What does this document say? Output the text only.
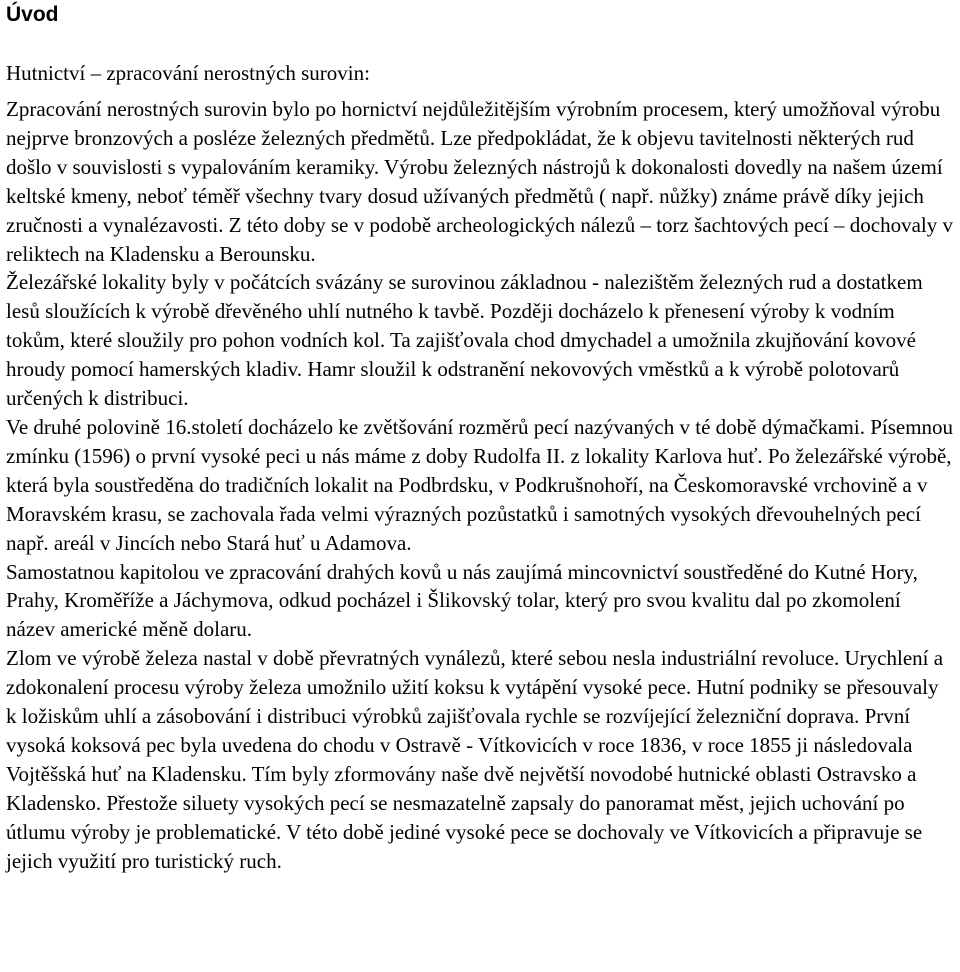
Úvod

Hutnictví – zpracování nerostných surovin:

Zpracování nerostných surovin bylo po hornictví nejdůležitějším výrobním procesem, který umožňoval výrobu nejprve bronzových a posléze železných předmětů. Lze předpokládat, že k objevu tavitelnosti některých rud došlo v souvislosti s vypalováním keramiky. Výrobu železných nástrojů k dokonalosti dovedly na našem území keltské kmeny, neboť téměř všechny tvary dosud užívaných předmětů ( např. nůžky) známe právě díky jejich zručnosti a vynalézavosti. Z této doby se v podobě archeologických nálezů – torz šachtových pecí – dochovaly v reliktech na Kladensku a Berounsku.

Železářské lokality byly v počátcích svázány se surovinou základnou - nalezištěm železných rud a dostatkem lesů sloužících k výrobě dřevěného uhlí nutného k tavbě. Později docházelo k přenesení výroby k vodním tokům, které sloužily pro pohon vodních kol. Ta zajišťovala chod dmychadel a umožnila zkujňování kovové hroudy pomocí hamerských kladiv. Hamr sloužil k odstranění nekovových vměstků a k výrobě polotovarů určených k distribuci.

Ve druhé polovině 16.století docházelo ke zvětšování rozměrů pecí nazývaných v té době dýmačkami. Písemnou zmínku (1596) o první vysoké peci u nás máme z doby Rudolfa II. z lokality Karlova huť. Po železářské výrobě, která byla soustředěna do tradičních lokalit na Podbrdsku, v Podkrušnohoří, na Českomoravské vrchovině a v Moravském krasu, se zachovala řada velmi výrazných pozůstatků i samotných vysokých dřevouhelných pecí např. areál v Jincích nebo Stará huť u Adamova.

Samostatnou kapitolou ve zpracování drahých kovů u nás zaujímá mincovnictví soustředěné do Kutné Hory, Prahy, Kroměříže a Jáchymova, odkud pocházel i Šlikovský tolar, který pro svou kvalitu dal po zkomolení název americké měně dolaru.

Zlom ve výrobě železa nastal v době převratných vynálezů, které sebou nesla industriální revoluce. Urychlení a zdokonalení procesu výroby železa umožnilo užití koksu k vytápění vysoké pece. Hutní podniky se přesouvaly k ložiskům uhlí a zásobování i distribuci výrobků zajišťovala rychle se rozvíjející železniční doprava. První vysoká koksová pec byla uvedena do chodu v Ostravě - Vítkovicích v roce 1836, v roce 1855 ji následovala Vojtěšská huť na Kladensku. Tím byly zformovány naše dvě největší novodobé hutnické oblasti Ostravsko a Kladensko. Přestože siluety vysokých pecí se nesmazatelně zapsaly do panoramat měst, jejich uchování po útlumu výroby je problematické. V této době jediné vysoké pece se dochovaly ve Vítkovicích a připravuje se jejich využití pro turistický ruch.
